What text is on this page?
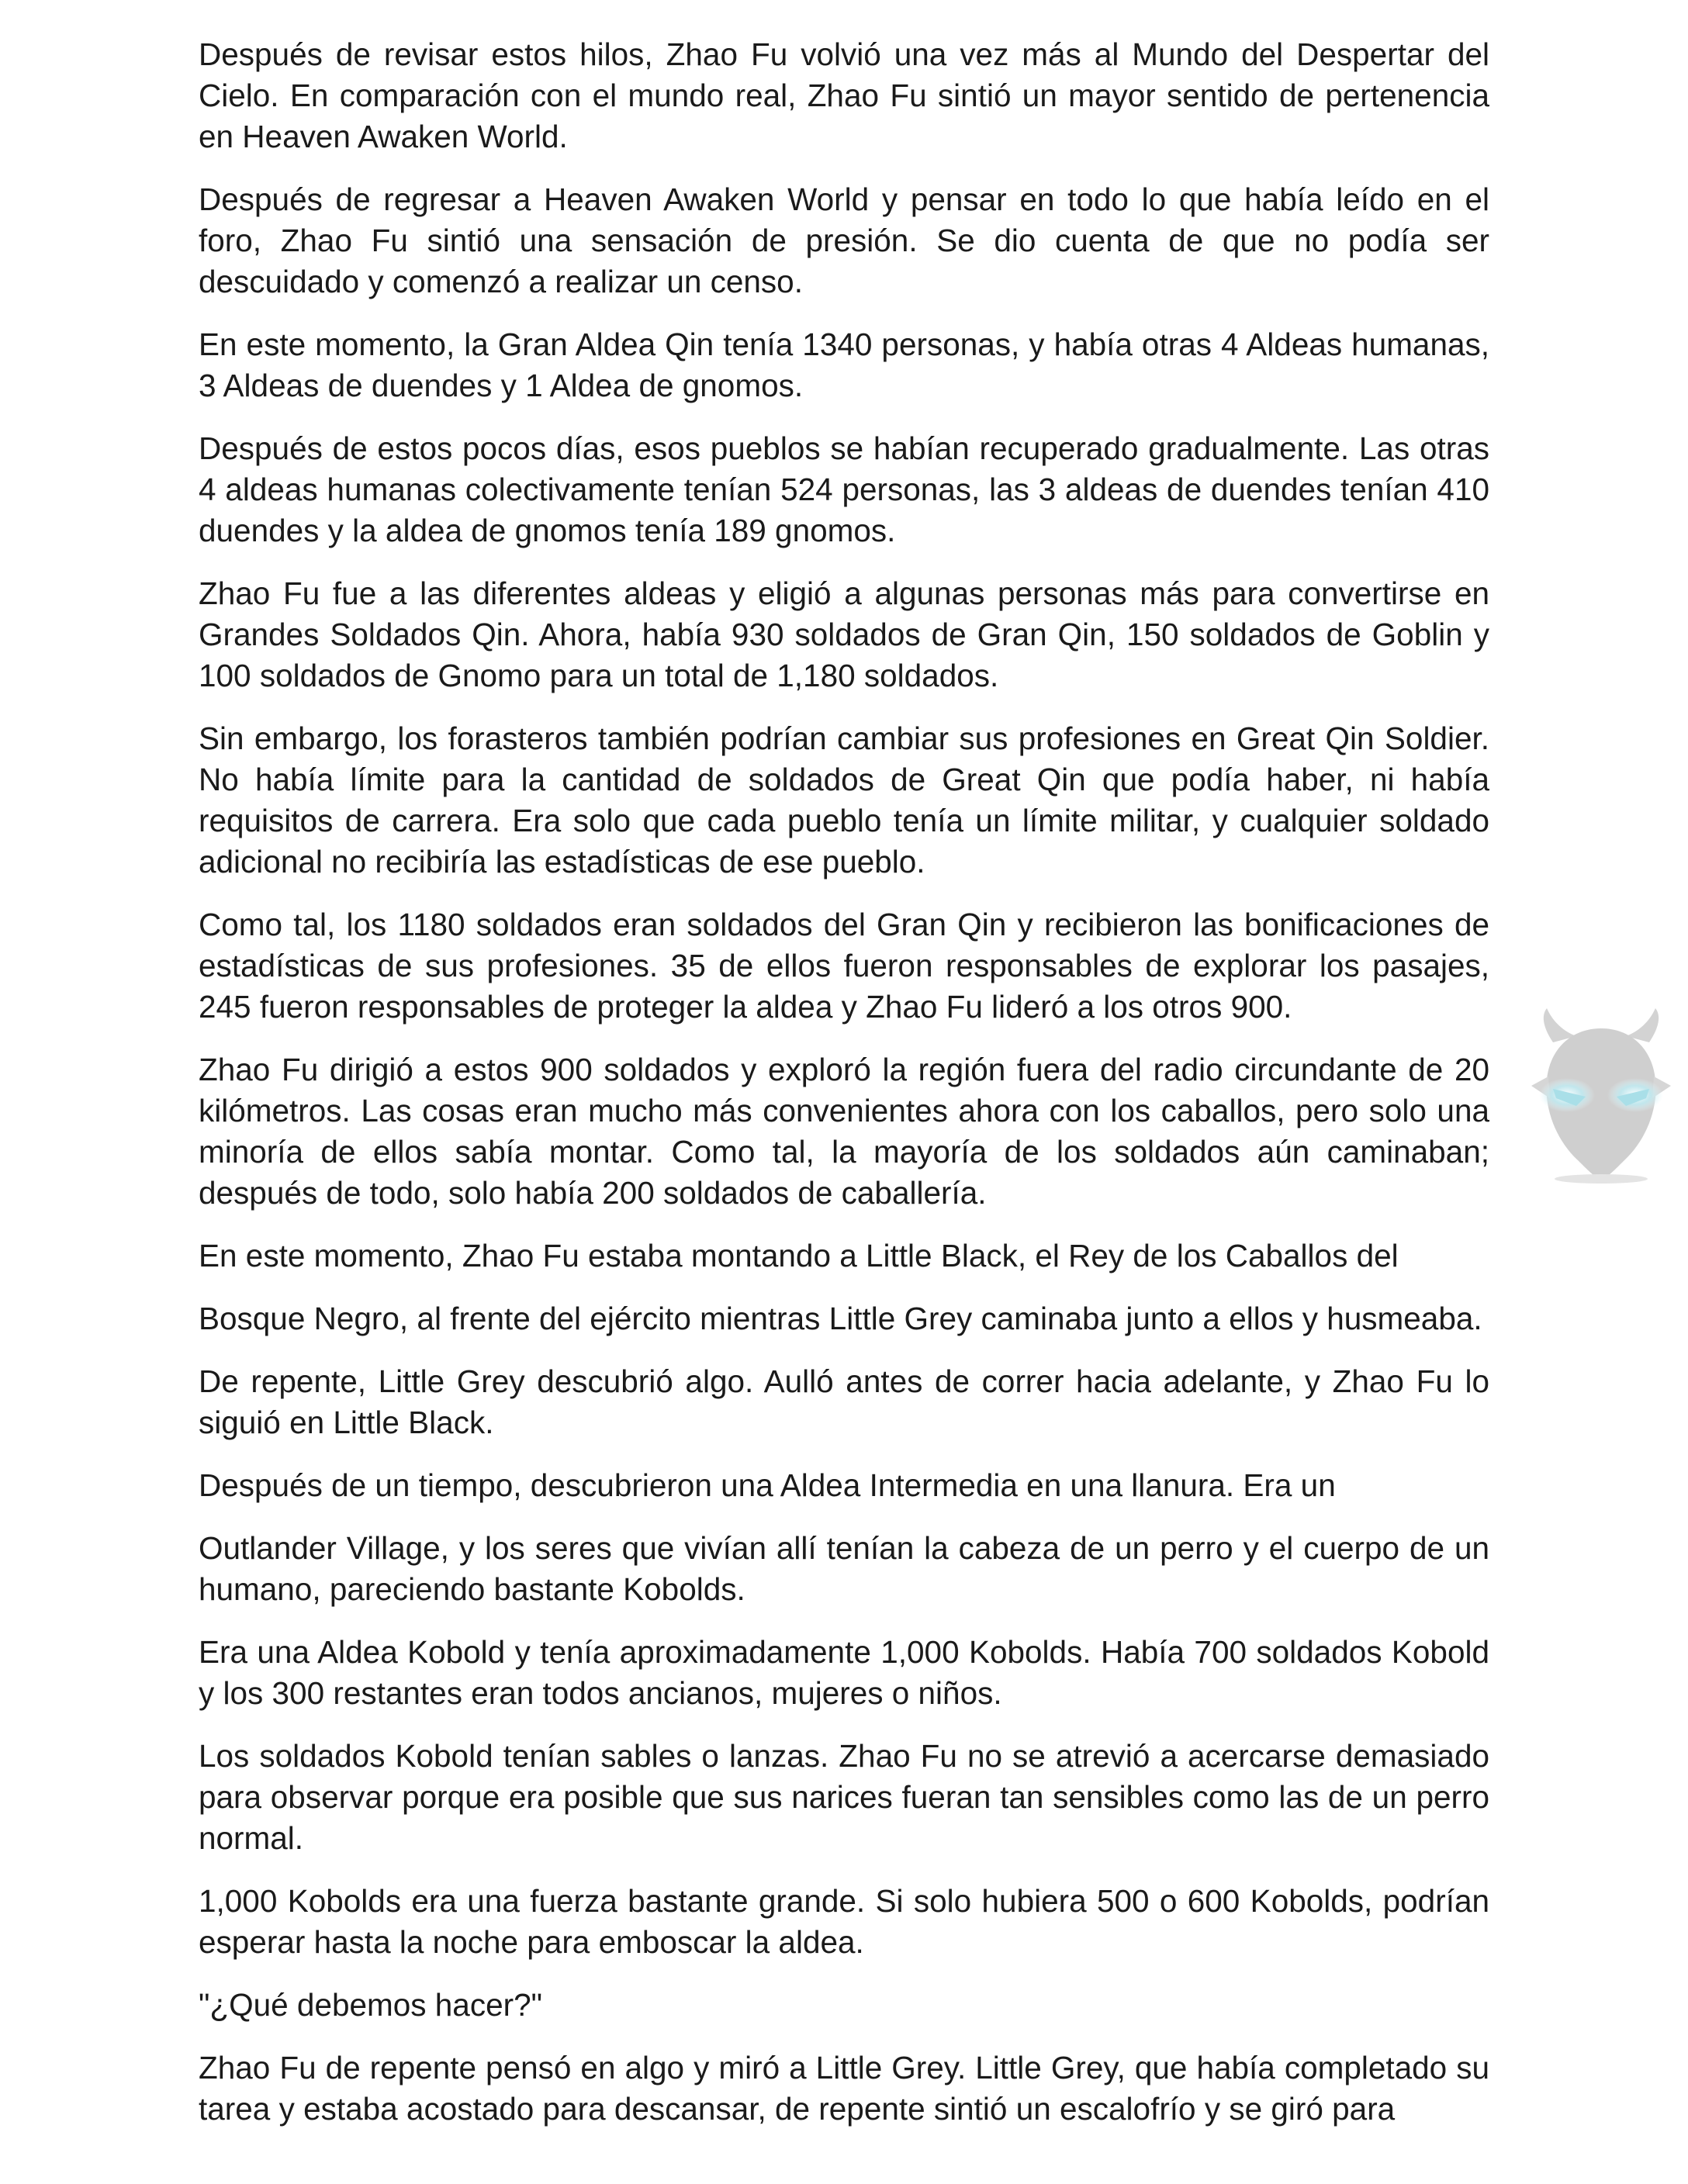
Después de revisar estos hilos, Zhao Fu volvió una vez más al Mundo del Despertar del Cielo. En comparación con el mundo real, Zhao Fu sintió un mayor sentido de pertenencia en Heaven Awaken World.

Después de regresar a Heaven Awaken World y pensar en todo lo que había leído en el foro, Zhao Fu sintió una sensación de presión. Se dio cuenta de que no podía ser descuidado y comenzó a realizar un censo.

En este momento, la Gran Aldea Qin tenía 1340 personas, y había otras 4 Aldeas humanas, 3 Aldeas de duendes y 1 Aldea de gnomos.

Después de estos pocos días, esos pueblos se habían recuperado gradualmente. Las otras 4 aldeas humanas colectivamente tenían 524 personas, las 3 aldeas de duendes tenían 410 duendes y la aldea de gnomos tenía 189 gnomos.

Zhao Fu fue a las diferentes aldeas y eligió a algunas personas más para convertirse en Grandes Soldados Qin. Ahora, había 930 soldados de Gran Qin, 150 soldados de Goblin y 100 soldados de Gnomo para un total de 1,180 soldados.

Sin embargo, los forasteros también podrían cambiar sus profesiones en Great Qin Soldier. No había límite para la cantidad de soldados de Great Qin que podía haber, ni había requisitos de carrera. Era solo que cada pueblo tenía un límite militar, y cualquier soldado adicional no recibiría las estadísticas de ese pueblo.

Como tal, los 1180 soldados eran soldados del Gran Qin y recibieron las bonificaciones de estadísticas de sus profesiones. 35 de ellos fueron responsables de explorar los pasajes, 245 fueron responsables de proteger la aldea y Zhao Fu lideró a los otros 900.

Zhao Fu dirigió a estos 900 soldados y exploró la región fuera del radio circundante de 20 kilómetros. Las cosas eran mucho más convenientes ahora con los caballos, pero solo una minoría de ellos sabía montar. Como tal, la mayoría de los soldados aún caminaban; después de todo, solo había 200 soldados de caballería.

En este momento, Zhao Fu estaba montando a Little Black, el Rey de los Caballos del

Bosque Negro, al frente del ejército mientras Little Grey caminaba junto a ellos y husmeaba.

De repente, Little Grey descubrió algo. Aulló antes de correr hacia adelante, y Zhao Fu lo siguió en Little Black.

Después de un tiempo, descubrieron una Aldea Intermedia en una llanura. Era un

Outlander Village, y los seres que vivían allí tenían la cabeza de un perro y el cuerpo de un humano, pareciendo bastante Kobolds.

Era una Aldea Kobold y tenía aproximadamente 1,000 Kobolds. Había 700 soldados Kobold y los 300 restantes eran todos ancianos, mujeres o niños.

Los soldados Kobold tenían sables o lanzas. Zhao Fu no se atrevió a acercarse demasiado para observar porque era posible que sus narices fueran tan sensibles como las de un perro normal.

1,000 Kobolds era una fuerza bastante grande. Si solo hubiera 500 o 600 Kobolds, podrían esperar hasta la noche para emboscar la aldea.

"¿Qué debemos hacer?"

Zhao Fu de repente pensó en algo y miró a Little Grey. Little Grey, que había completado su tarea y estaba acostado para descansar, de repente sintió un escalofrío y se giró para
